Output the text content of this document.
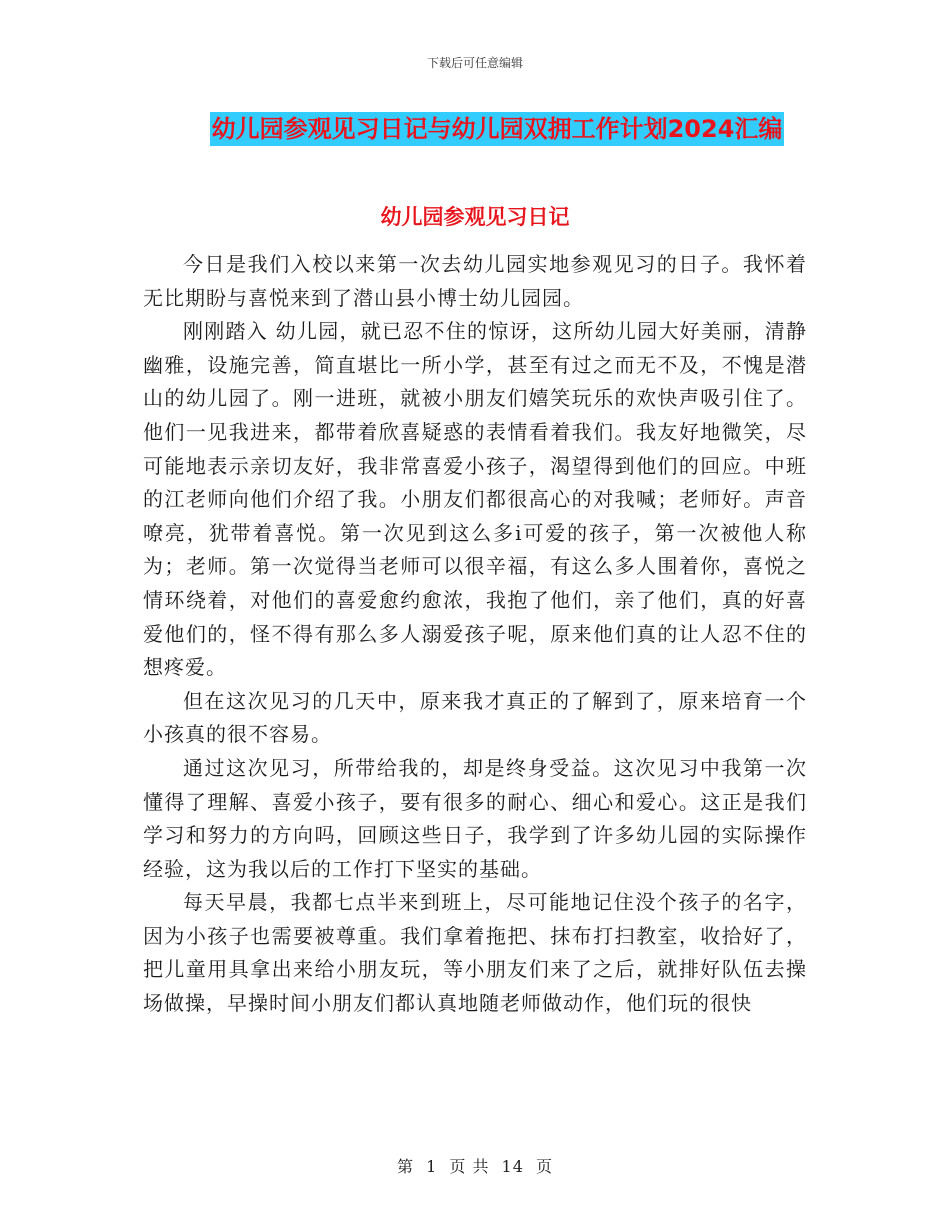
下载后可任意编辑
幼儿园参观见习日记与幼儿园双拥工作计划2024汇编
幼儿园参观见习日记

今日是我们入校以来第一次去幼儿园实地参观见习的日子。我怀着无比期盼与喜悦来到了潜山县小博士幼儿园园。

刚刚踏入 幼儿园，就已忍不住的惊讶，这所幼儿园大好美丽，清静幽雅，设施完善，简直堪比一所小学，甚至有过之而无不及，不愧是潜山的幼儿园了。刚一进班，就被小朋友们嬉笑玩乐的欢快声吸引住了。他们一见我进来，都带着欣喜疑惑的表情看着我们。我友好地微笑，尽可能地表示亲切友好，我非常喜爱小孩子，渴望得到他们的回应。中班的江老师向他们介绍了我。小朋友们都很高心的对我喊；老师好。声音嘹亮，犹带着喜悦。第一次见到这么多i可爱的孩子，第一次被他人称为；老师。第一次觉得当老师可以很辛福，有这么多人围着你，喜悦之情环绕着，对他们的喜爱愈约愈浓，我抱了他们，亲了他们，真的好喜爱他们的，怪不得有那么多人溺爱孩子呢，原来他们真的让人忍不住的想疼爱。

但在这次见习的几天中，原来我才真正的了解到了，原来培育一个小孩真的很不容易。

通过这次见习，所带给我的，却是终身受益。这次见习中我第一次懂得了理解、喜爱小孩子，要有很多的耐心、细心和爱心。这正是我们学习和努力的方向吗，回顾这些日子，我学到了许多幼儿园的实际操作经验，这为我以后的工作打下坚实的基础。

每天早晨，我都七点半来到班上，尽可能地记住没个孩子的名字，因为小孩子也需要被尊重。我们拿着拖把、抹布打扫教室，收拾好了，把儿童用具拿出来给小朋友玩，等小朋友们来了之后，就排好队伍去操场做操，早操时间小朋友们都认真地随老师做动作，他们玩的很快

第 1 页 共 14 页
